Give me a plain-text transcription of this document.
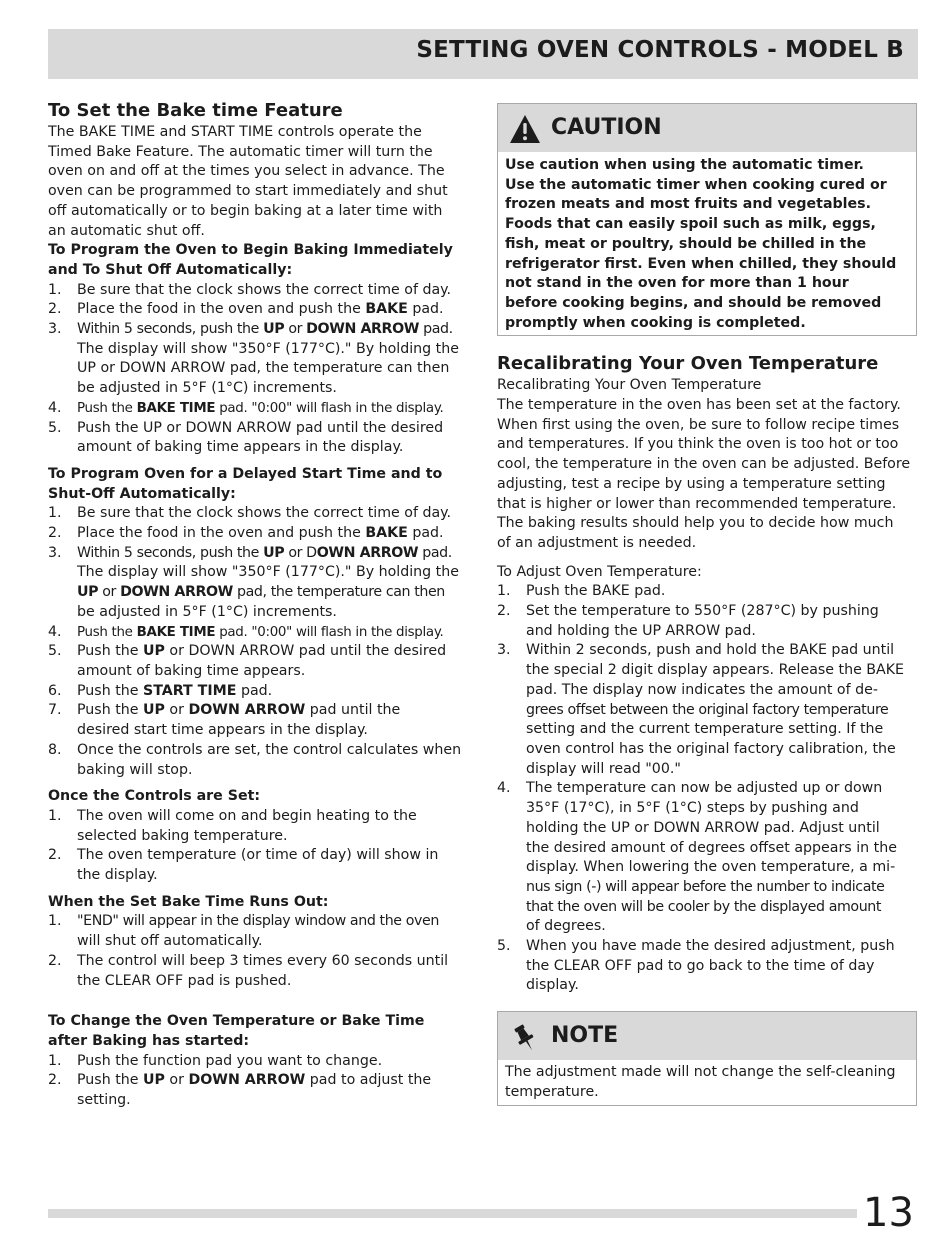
SETTING OVEN CONTROLS - MODEL B
To Set the Bake time Feature
The BAKE TIME and START TIME controls operate the
Timed Bake Feature. The automatic timer will turn the
oven on and off at the times you select in advance. The
oven can be programmed to start immediately and shut
off automatically or to begin baking at a later time with
an automatic shut off.
To Program the Oven to Begin Baking Immediately
and To Shut Off Automatically:
1. Be sure that the clock shows the correct time of day.
2. Place the food in the oven and push the BAKE pad.
3. Within 5 seconds, push the UP or DOWN ARROW pad.
The display will show "350°F (177°C)." By holding the
UP or DOWN ARROW pad, the temperature can then
be adjusted in 5°F (1°C) increments.
4. Push the BAKE TIME pad. "0:00" will flash in the display.
5. Push the UP or DOWN ARROW pad until the desired
amount of baking time appears in the display.
To Program Oven for a Delayed Start Time and to
Shut-Off Automatically:
1. Be sure that the clock shows the correct time of day.
2. Place the food in the oven and push the BAKE pad.
3. Within 5 seconds, push the UP or DOWN ARROW pad.
The display will show "350°F (177°C)." By holding the
UP or DOWN ARROW pad, the temperature can then
be adjusted in 5°F (1°C) increments.
4. Push the BAKE TIME pad. "0:00" will flash in the display.
5. Push the UP or DOWN ARROW pad until the desired
amount of baking time appears.
6. Push the START TIME pad.
7. Push the UP or DOWN ARROW pad until the
desired start time appears in the display.
8. Once the controls are set, the control calculates when
baking will stop.
Once the Controls are Set:
1. The oven will come on and begin heating to the
selected baking temperature.
2. The oven temperature (or time of day) will show in
the display.
When the Set Bake Time Runs Out:
1. "END" will appear in the display window and the oven
will shut off automatically.
2. The control will beep 3 times every 60 seconds until
the CLEAR OFF pad is pushed.
To Change the Oven Temperature or Bake Time
after Baking has started:
1. Push the function pad you want to change.
2. Push the UP or DOWN ARROW pad to adjust the
setting.
CAUTION
Use caution when using the automatic timer.
Use the automatic timer when cooking cured or
frozen meats and most fruits and vegetables.
Foods that can easily spoil such as milk, eggs,
fish, meat or poultry, should be chilled in the
refrigerator first. Even when chilled, they should
not stand in the oven for more than 1 hour
before cooking begins, and should be removed
promptly when cooking is completed.
Recalibrating Your Oven Temperature
Recalibrating Your Oven Temperature
The temperature in the oven has been set at the factory.
When first using the oven, be sure to follow recipe times
and temperatures. If you think the oven is too hot or too
cool, the temperature in the oven can be adjusted. Before
adjusting, test a recipe by using a temperature setting
that is higher or lower than recommended temperature.
The baking results should help you to decide how much
of an adjustment is needed.
To Adjust Oven Temperature:
1. Push the BAKE pad.
2. Set the temperature to 550°F (287°C) by pushing
and holding the UP ARROW pad.
3. Within 2 seconds, push and hold the BAKE pad until
the special 2 digit display appears. Release the BAKE
pad. The display now indicates the amount of de-
grees offset between the original factory temperature
setting and the current temperature setting. If the
oven control has the original factory calibration, the
display will read "00."
4. The temperature can now be adjusted up or down
35°F (17°C), in 5°F (1°C) steps by pushing and
holding the UP or DOWN ARROW pad. Adjust until
the desired amount of degrees offset appears in the
display. When lowering the oven temperature, a mi-
nus sign (-) will appear before the number to indicate
that the oven will be cooler by the displayed amount
of degrees.
5. When you have made the desired adjustment, push
the CLEAR OFF pad to go back to the time of day
display.
NOTE
The adjustment made will not change the self-cleaning
temperature.
13
